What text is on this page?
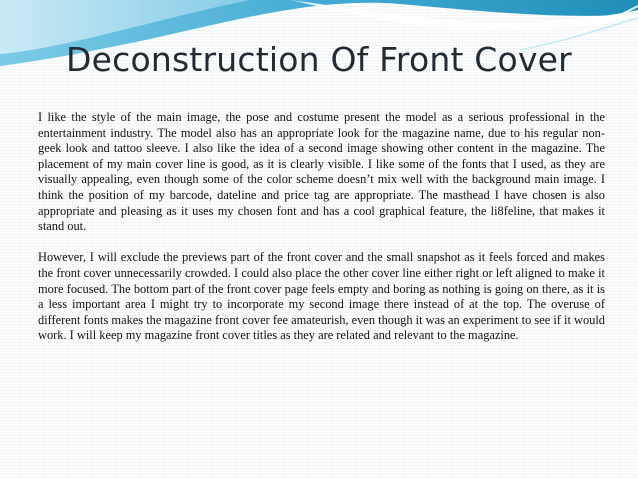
Deconstruction Of Front Cover

I like the style of the main image, the pose and costume present the model as a serious professional in the entertainment industry. The model also has an appropriate look for the magazine name, due to his regular non-geek look and tattoo sleeve. I also like the idea of a second image showing other content in the magazine. The placement of my main cover line is good, as it is clearly visible. I like some of the fonts that I used, as they are visually appealing, even though some of the color scheme doesn’t mix well with the background main image. I think the position of my barcode, dateline and price tag are appropriate. The masthead I have chosen is also appropriate and pleasing as it uses my chosen font and has a cool graphical feature, the li8feline, that makes it stand out.

However, I will exclude the previews part of the front cover and the small snapshot as it feels forced and makes the front cover unnecessarily crowded. I could also place the other cover line either right or left aligned to make it more focused. The bottom part of the front cover page feels empty and boring as nothing is going on there, as it is a less important area I might try to incorporate my second image there instead of at the top. The overuse of different fonts makes the magazine front cover fee amateurish, even though it was an experiment to see if it would work. I will keep my magazine front cover titles as they are related and relevant to the magazine.
